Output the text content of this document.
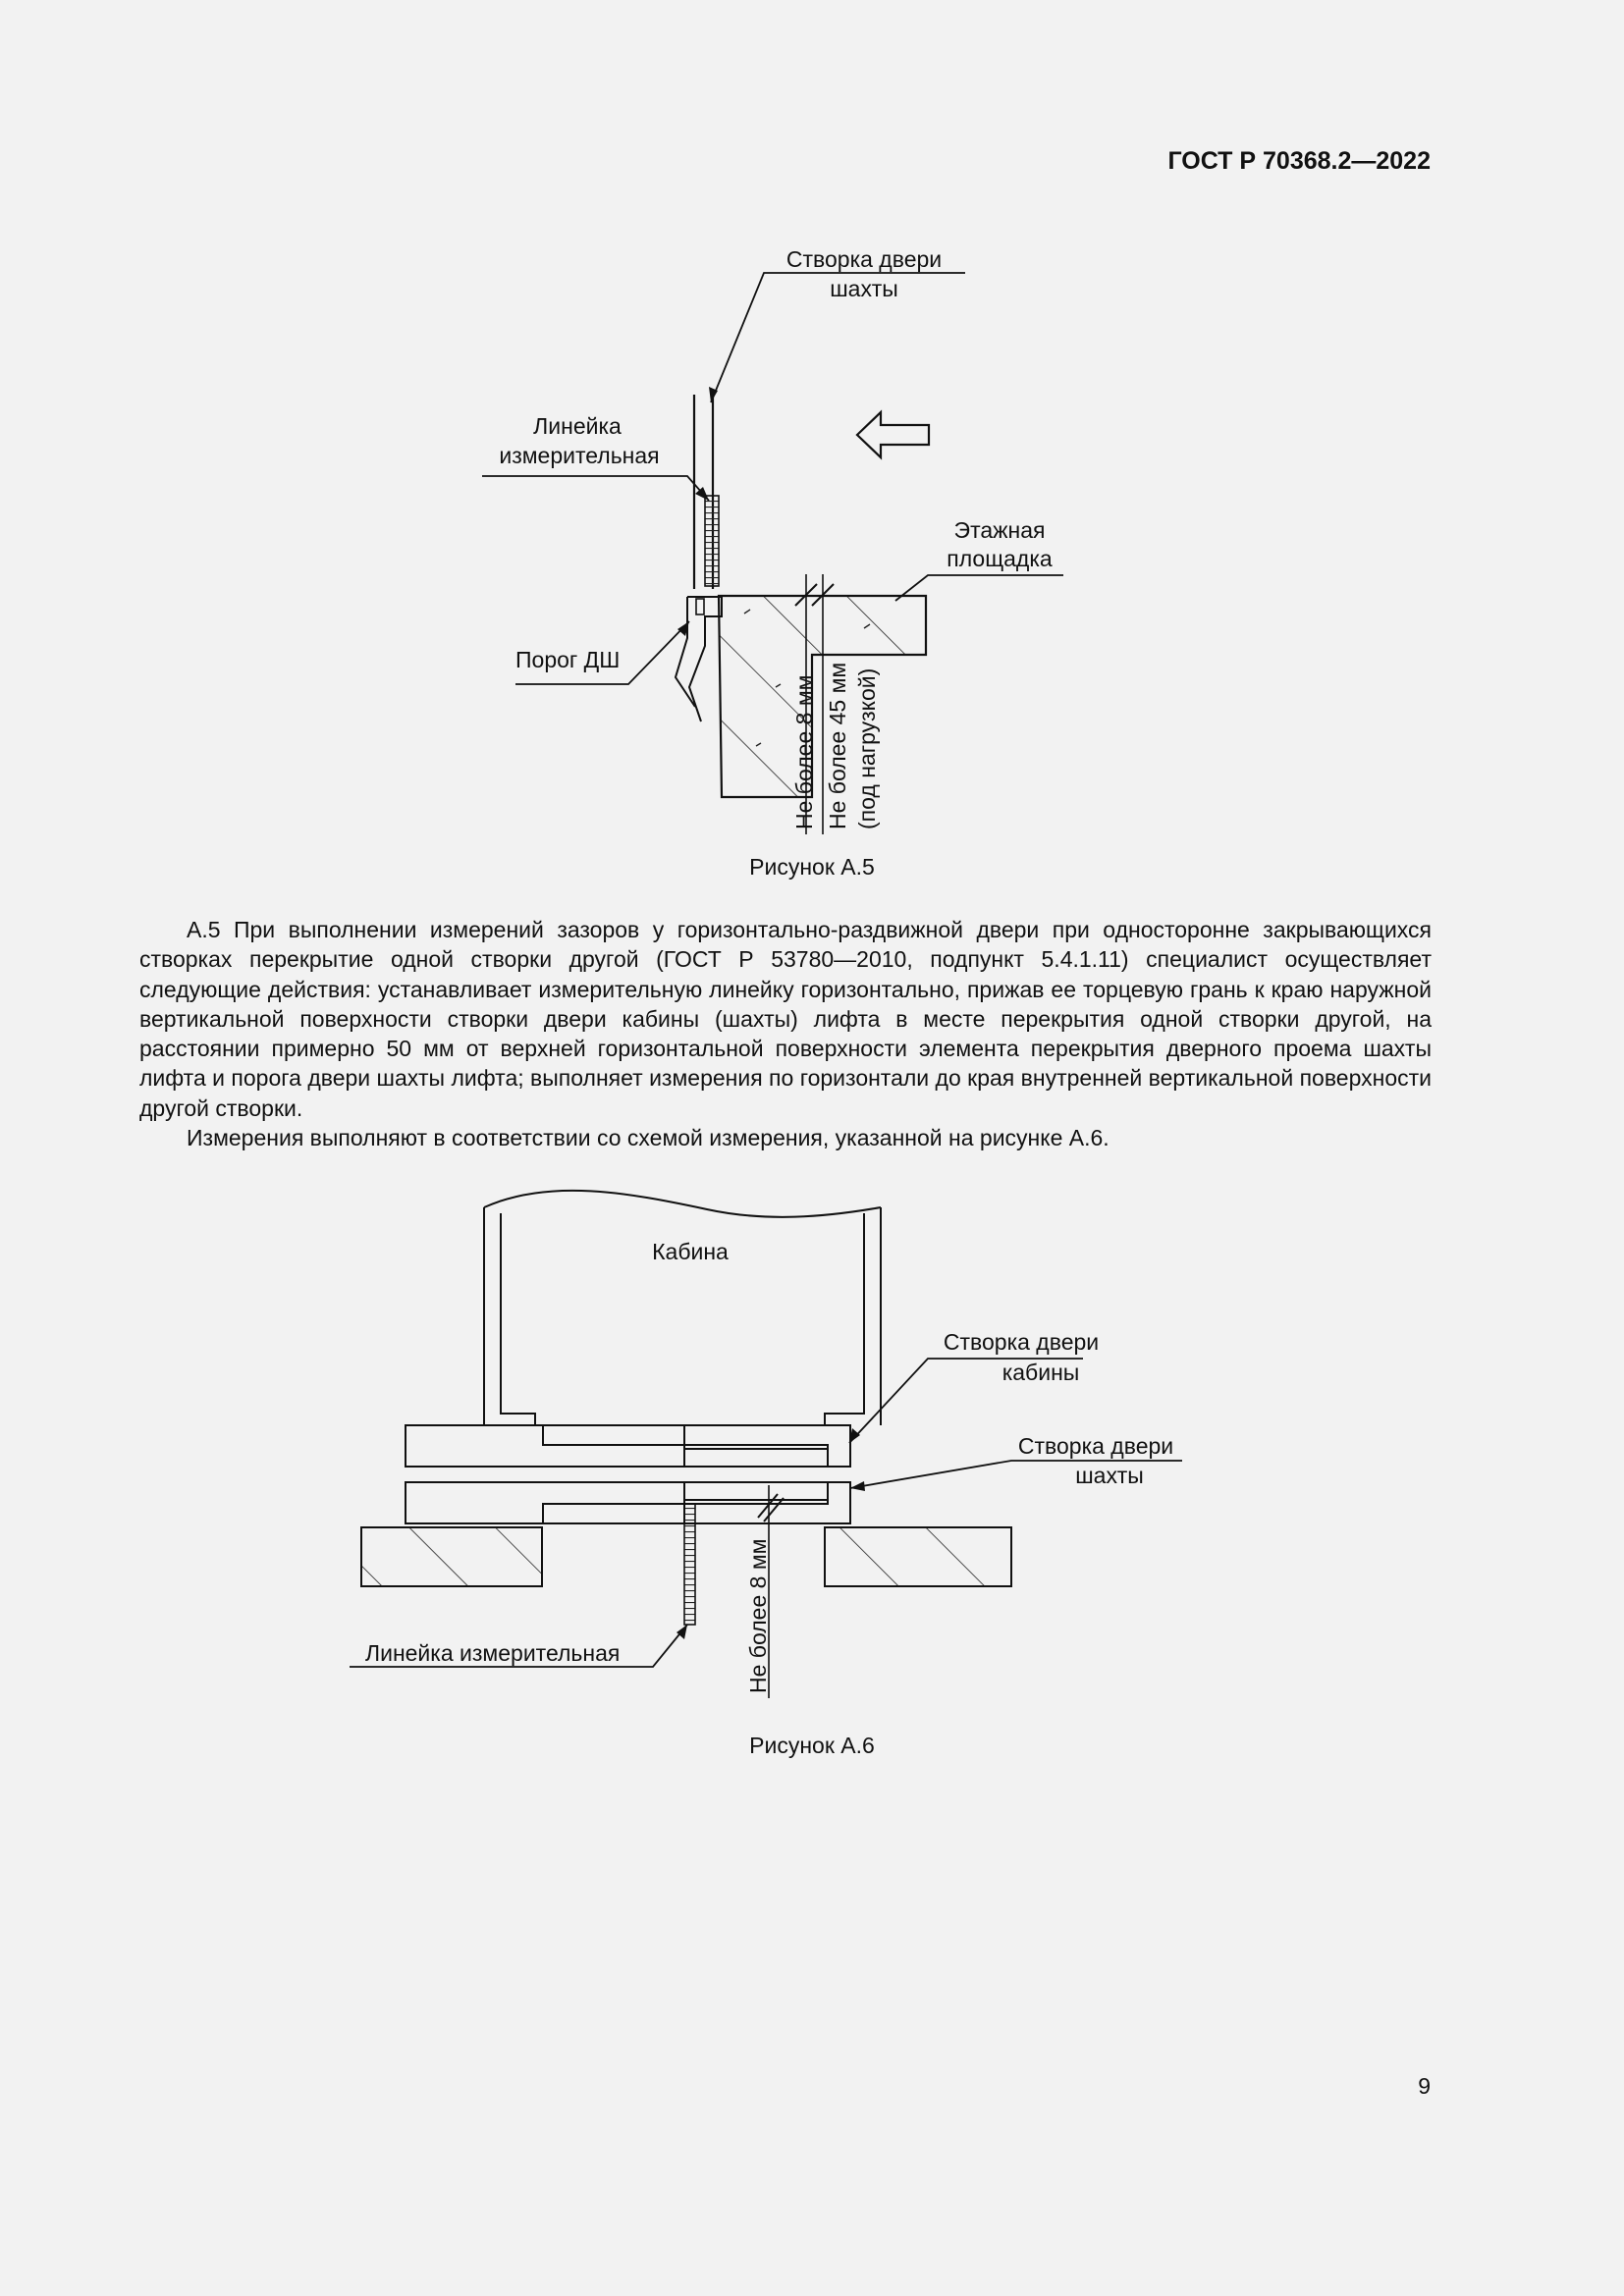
ГОСТ Р 70368.2—2022
Створка двери
шахты
Линейка
измерительная
Этажная
площадка
Порог ДШ
Не более 8 мм Не более 45 мм (под нагрузкой)
Рисунок А.5

А.5 При выполнении измерений зазоров у горизонтально-раздвижной двери при односторонне закрывающихся створках перекрытие одной створки другой (ГОСТ Р 53780—2010, подпункт 5.4.1.11) специалист осуществляет следующие действия: устанавливает измерительную линейку горизонтально, прижав ее торцевую грань к краю наружной вертикальной поверхности створки двери кабины (шахты) лифта в месте перекрытия одной створки другой, на расстоянии примерно 50 мм от верхней горизонтальной поверхности элемента перекрытия дверного проема шахты лифта и порога двери шахты лифта; выполняет измерения по горизонтали до края внутренней вертикальной поверхности другой створки.

Измерения выполняют в соответствии со схемой измерения, указанной на рисунке А.6.

Кабина
Створка двери
кабины
Створка двери
шахты
Линейка измерительная	Не более 8 мм
Рисунок А.6
9
